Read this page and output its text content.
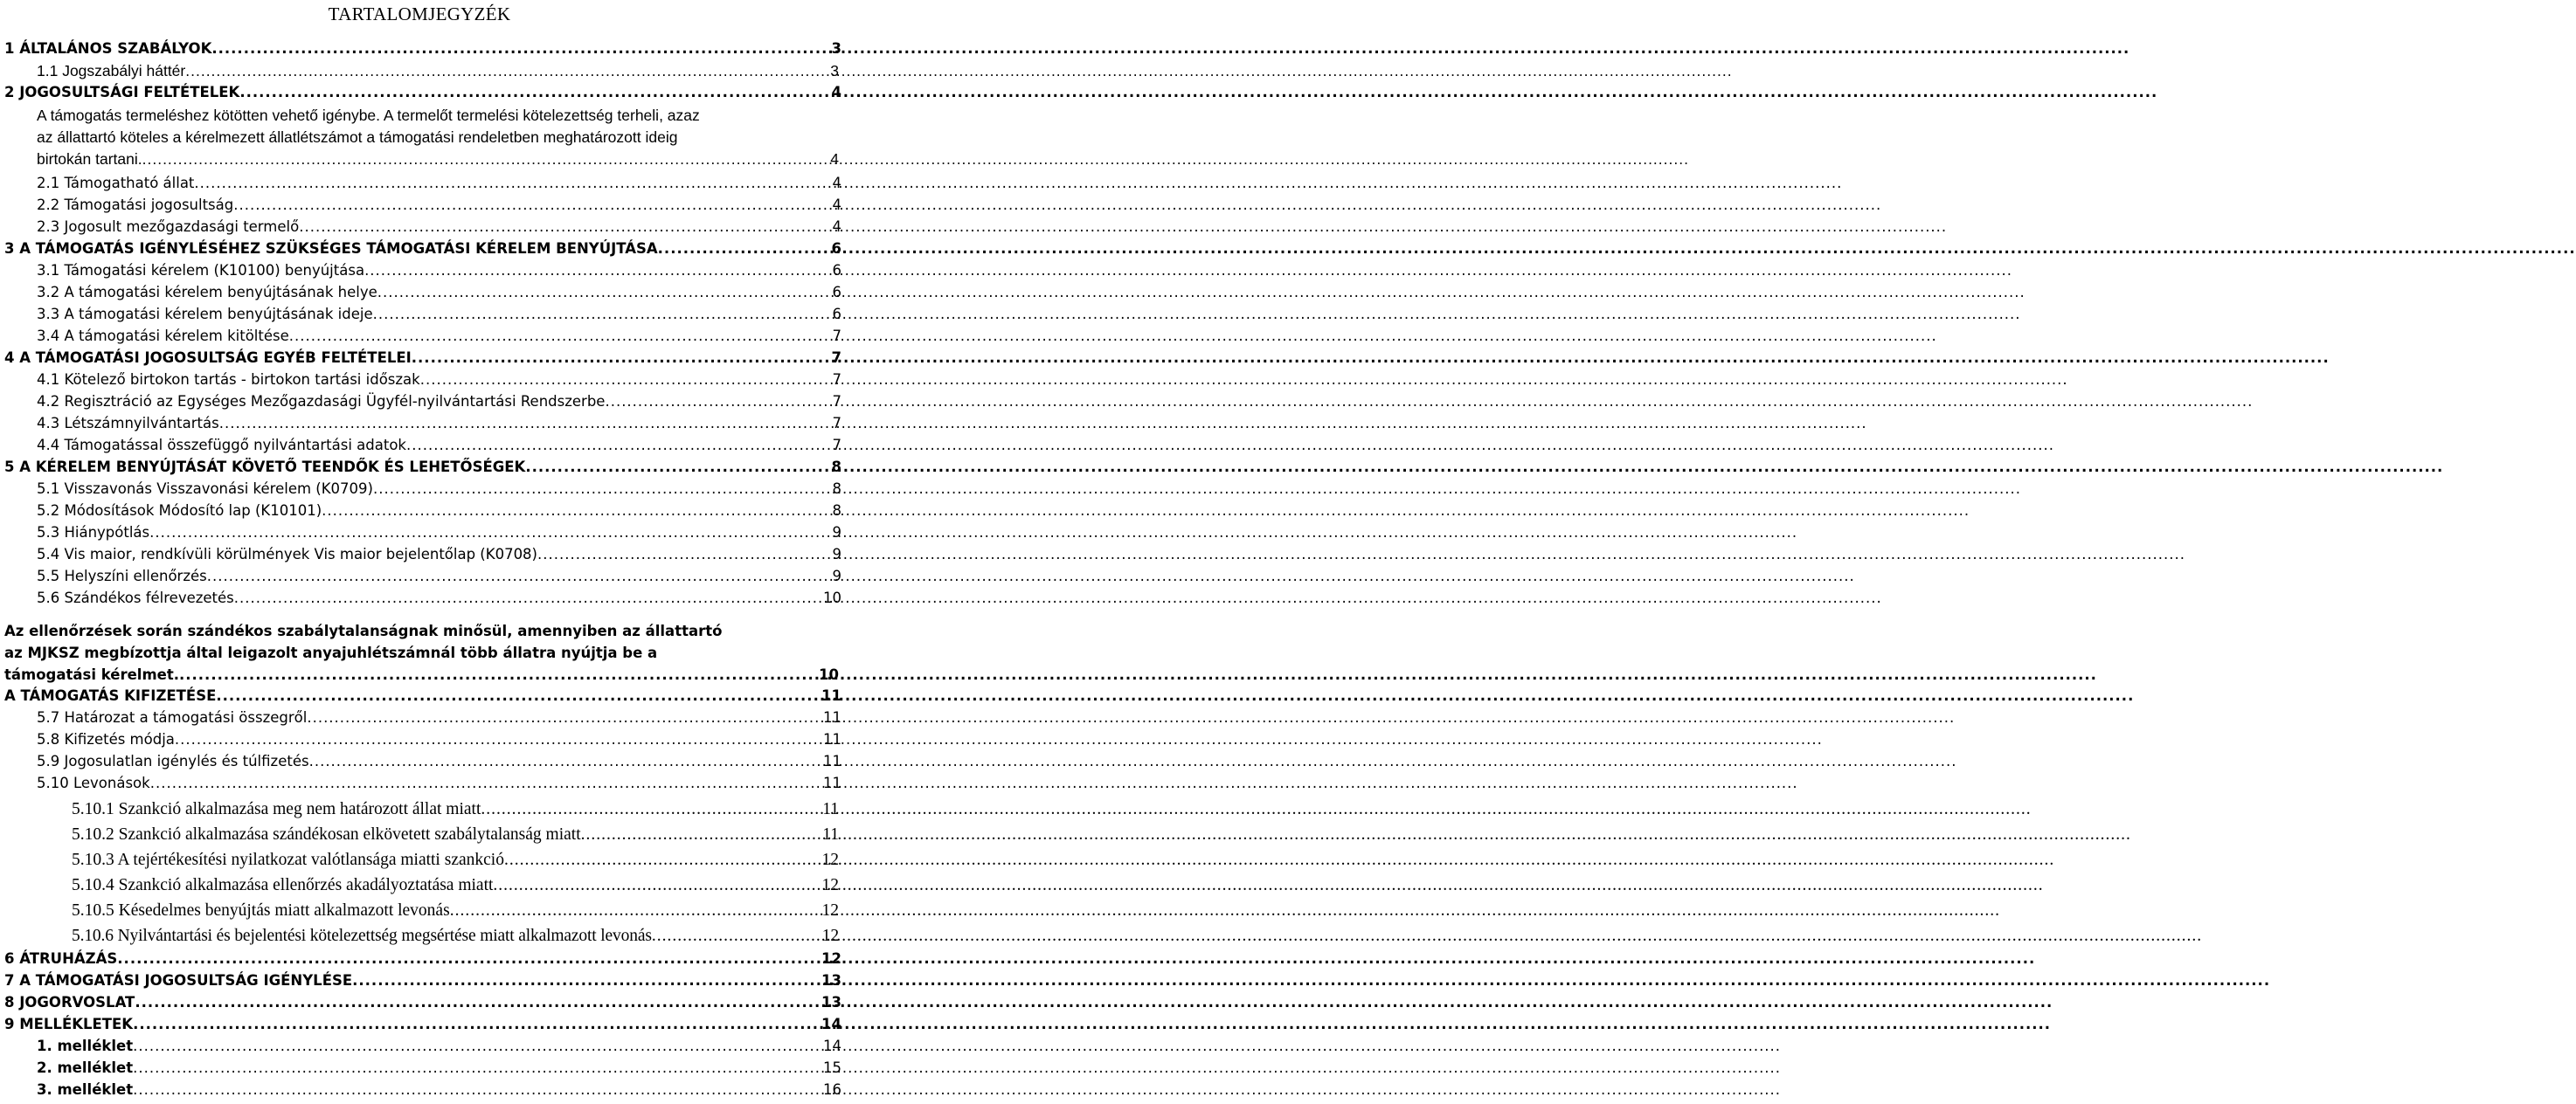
TARTALOMJEGYZÉK
1 ÁLTALÁNOS SZABÁLYOK .....	3
1.1 Jogszabályi háttér .....	3
2 JOGOSULTSÁGI FELTÉTELEK .....	4
A támogatás termeléshez kötötten vehető igénybe. A termelőt termelési kötelezettség terheli, azaz
az állattartó köteles a kérelmezett állatlétszámot a támogatási rendeletben meghatározott ideig
birtokán tartani. .....	4
2.1 Támogatható állat .....	4
2.2 Támogatási jogosultság .....	4
2.3 Jogosult mezőgazdasági termelő .....	4
3 A TÁMOGATÁS IGÉNYLÉSÉHEZ SZÜKSÉGES TÁMOGATÁSI KÉRELEM BENYÚJTÁSA .....	6
3.1 Támogatási kérelem (K10100) benyújtása .....	6
3.2 A támogatási kérelem benyújtásának helye .....	6
3.3 A támogatási kérelem benyújtásának ideje .....	6
3.4 A támogatási kérelem kitöltése .....	7
4 A TÁMOGATÁSI JOGOSULTSÁG EGYÉB FELTÉTELEI .....	7
4.1 Kötelező birtokon tartás - birtokon tartási időszak .....	7
4.2 Regisztráció az Egységes Mezőgazdasági Ügyfél-nyilvántartási Rendszerbe .....	7
4.3 Létszámnyilvántartás .....	7
4.4 Támogatással összefüggő nyilvántartási adatok .....	7
5 A KÉRELEM BENYÚJTÁSÁT KÖVETŐ TEENDŐK ÉS LEHETŐSÉGEK .....	8
5.1 Visszavonás Visszavonási kérelem (K0709) .....	8
5.2 Módosítások Módosító lap (K10101) .....	8
5.3 Hiánypótlás .....	9
5.4 Vis maior, rendkívüli körülmények Vis maior bejelentőlap (K0708) .....	9
5.5 Helyszíni ellenőrzés .....	9
5.6 Szándékos félrevezetés .....	10
Az ellenőrzések során szándékos szabálytalanságnak minősül, amennyiben az állattartó
az MJKSZ megbízottja által leigazolt anyajuhlétszámnál több állatra nyújtja be a
támogatási kérelmet. .....	10
A TÁMOGATÁS KIFIZETÉSE .....	11
5.7 Határozat a támogatási összegről .....	11
5.8 Kifizetés módja .....	11
5.9 Jogosulatlan igénylés és túlfizetés .....	11
5.10 Levonások .....	11
5.10.1 Szankció alkalmazása meg nem határozott állat miatt .....	11
5.10.2 Szankció alkalmazása szándékosan elkövetett szabálytalanság miatt .....	11
5.10.3 A tejértékesítési nyilatkozat valótlansága miatti szankció .....	12
5.10.4 Szankció alkalmazása ellenőrzés akadályoztatása miatt .....	12
5.10.5 Késedelmes benyújtás miatt alkalmazott levonás .....	12
5.10.6 Nyilvántartási és bejelentési kötelezettség megsértése miatt alkalmazott levonás .....	12
6 ÁTRUHÁZÁS .....	12
7 A TÁMOGATÁSI JOGOSULTSÁG IGÉNYLÉSE .....	13
8 JOGORVOSLAT .....	13
9 MELLÉKLETEK .....	14
1. melléklet .....	14
2. melléklet .....	15
3. melléklet .....	16
